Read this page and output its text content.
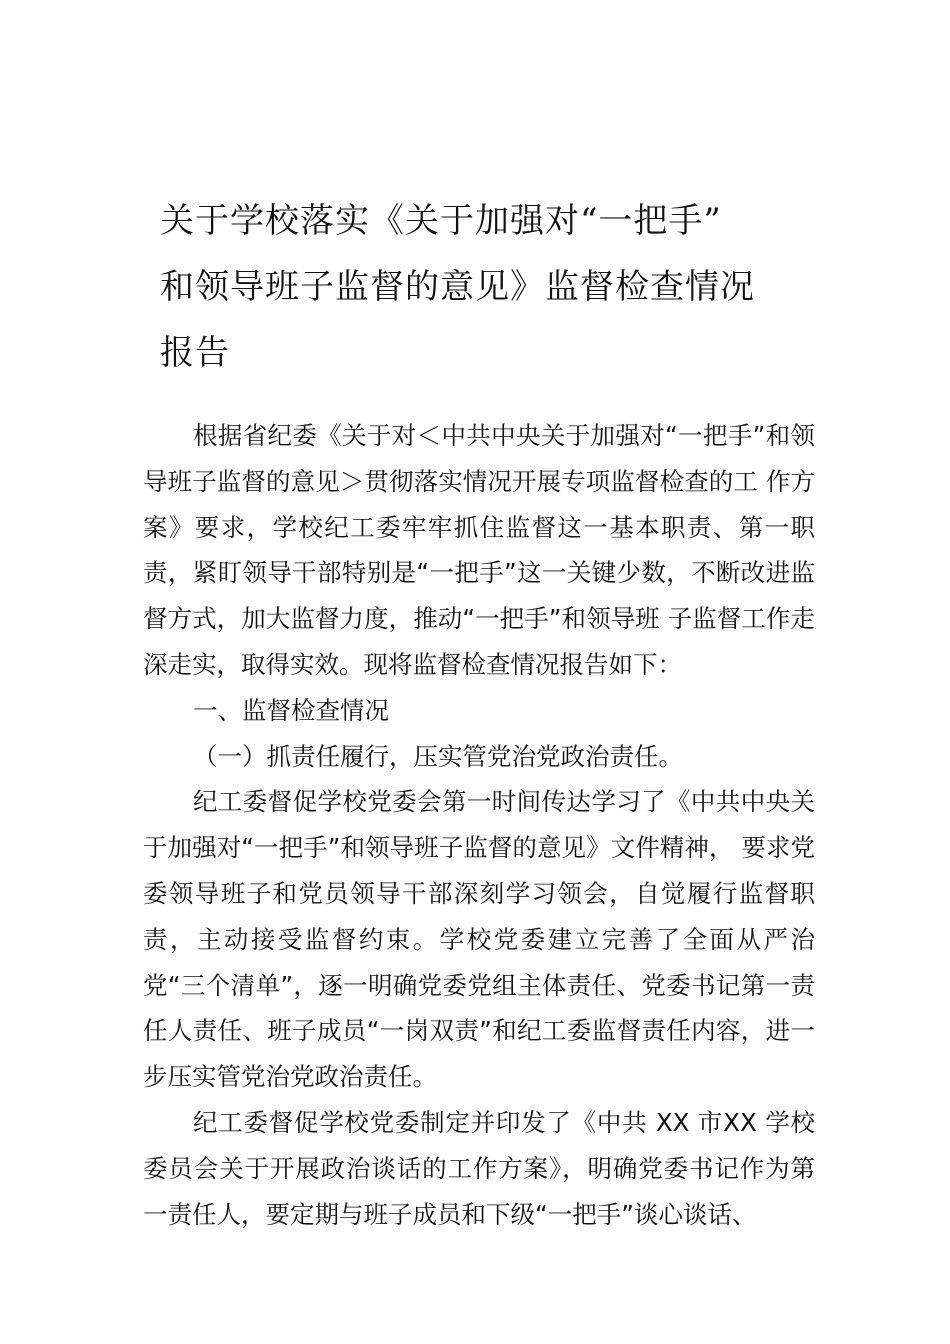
关于学校落实《关于加强对“一把手”
和领导班子监督的意见》监督检查情况
报告

根据省纪委《关于对＜中共中央关于加强对“一把手”和领导班子监督的意见＞贯彻落实情况开展专项监督检查的工 作方案》要求，学校纪工委牢牢抓住监督这一基本职责、第一职责，紧盯领导干部特别是“一把手”这一关键少数，不断改进监督方式，加大监督力度，推动“一把手”和领导班 子监督工作走深走实，取得实效。现将监督检查情况报告如下：

一、监督检查情况

（一）抓责任履行，压实管党治党政治责任。

纪工委督促学校党委会第一时间传达学习了《中共中央关于加强对“一把手”和领导班子监督的意见》文件精神， 要求党委领导班子和党员领导干部深刻学习领会，自觉履行监督职责，主动接受监督约束。学校党委建立完善了全面从严治党“三个清单”，逐一明确党委党组主体责任、党委书记第一责任人责任、班子成员“一岗双责”和纪工委监督责任内容，进一步压实管党治党政治责任。

纪工委督促学校党委制定并印发了《中共 XX 市XX 学校委员会关于开展政治谈话的工作方案》，明确党委书记作为第一责任人，要定期与班子成员和下级“一把手”谈心谈话、
